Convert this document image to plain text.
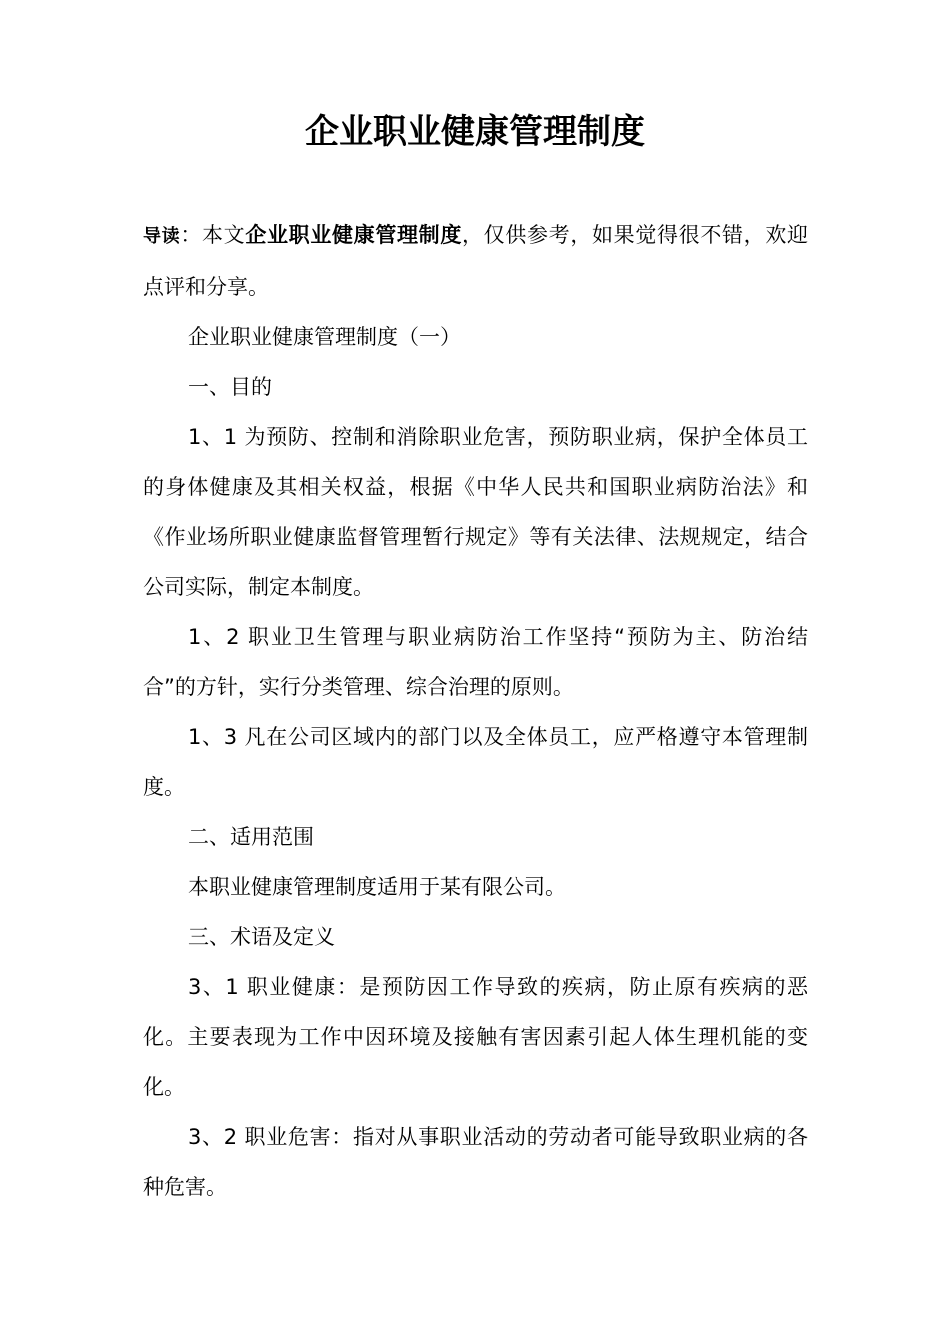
企业职业健康管理制度

导读：本文企业职业健康管理制度，仅供参考，如果觉得很不错，欢迎点评和分享。

企业职业健康管理制度（一）

一、目的

1、1 为预防、控制和消除职业危害，预防职业病，保护全体员工的身体健康及其相关权益，根据《中华人民共和国职业病防治法》和《作业场所职业健康监督管理暂行规定》等有关法律、法规规定，结合公司实际，制定本制度。

1、2 职业卫生管理与职业病防治工作坚持“预防为主、防治结合”的方针，实行分类管理、综合治理的原则。

1、3 凡在公司区域内的部门以及全体员工，应严格遵守本管理制度。

二、适用范围

本职业健康管理制度适用于某有限公司。

三、术语及定义

3、1 职业健康：是预防因工作导致的疾病，防止原有疾病的恶化。主要表现为工作中因环境及接触有害因素引起人体生理机能的变化。

3、2 职业危害：指对从事职业活动的劳动者可能导致职业病的各种危害。
